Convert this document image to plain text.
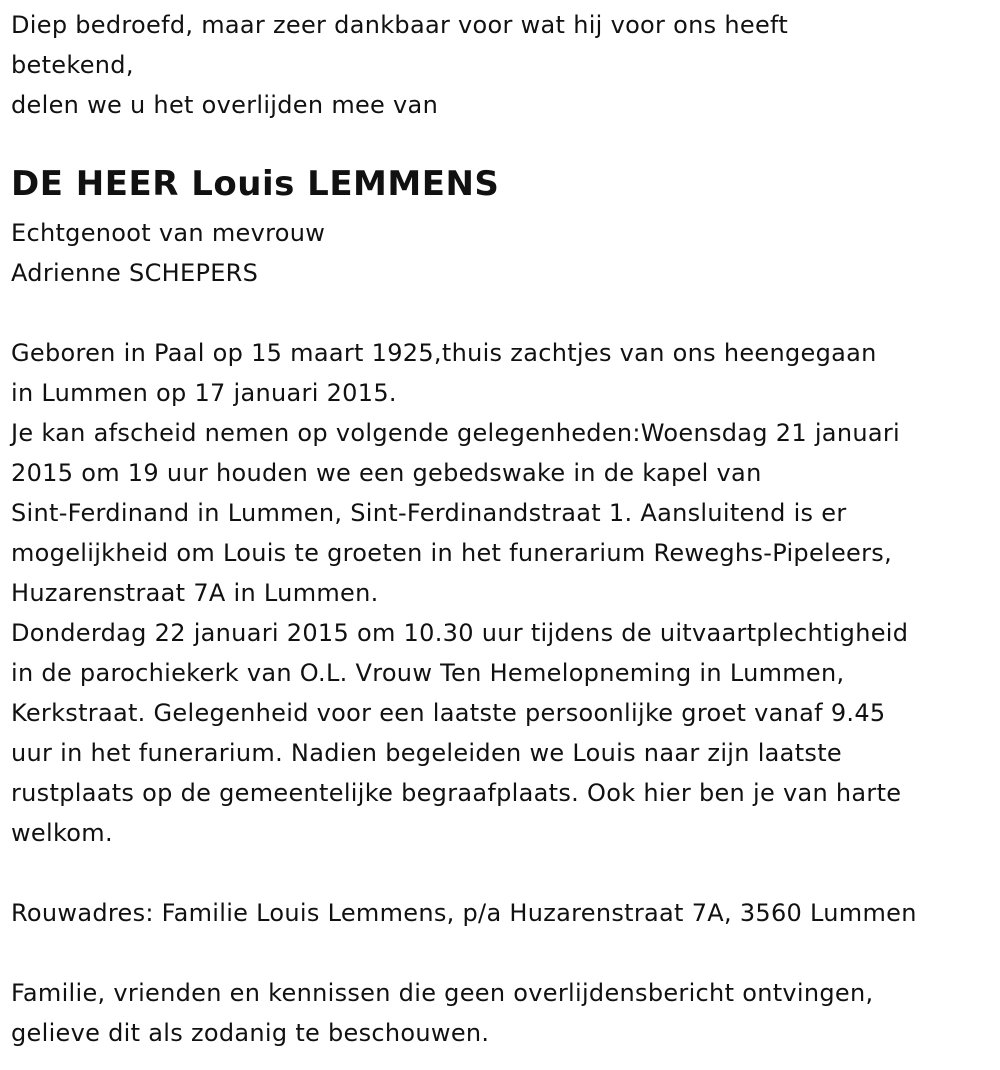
Diep bedroefd, maar zeer dankbaar voor wat hij voor ons heeft
betekend,
delen we u het overlijden mee van
DE HEER Louis LEMMENS
Echtgenoot van mevrouw
Adrienne SCHEPERS
Geboren in Paal op 15 maart 1925,thuis zachtjes van ons heengegaan
in Lummen op 17 januari 2015.
Je kan afscheid nemen op volgende gelegenheden:Woensdag 21 januari
2015 om 19 uur houden we een gebedswake in de kapel van
Sint-Ferdinand in Lummen, Sint-Ferdinandstraat 1. Aansluitend is er
mogelijkheid om Louis te groeten in het funerarium Reweghs-Pipeleers,
Huzarenstraat 7A in Lummen.
Donderdag 22 januari 2015 om 10.30 uur tijdens de uitvaartplechtigheid
in de parochiekerk van O.L. Vrouw Ten Hemelopneming in Lummen,
Kerkstraat. Gelegenheid voor een laatste persoonlijke groet vanaf 9.45
uur in het funerarium. Nadien begeleiden we Louis naar zijn laatste
rustplaats op de gemeentelijke begraafplaats. Ook hier ben je van harte
welkom.
Rouwadres: Familie Louis Lemmens, p/a Huzarenstraat 7A, 3560 Lummen
Familie, vrienden en kennissen die geen overlijdensbericht ontvingen,
gelieve dit als zodanig te beschouwen.
